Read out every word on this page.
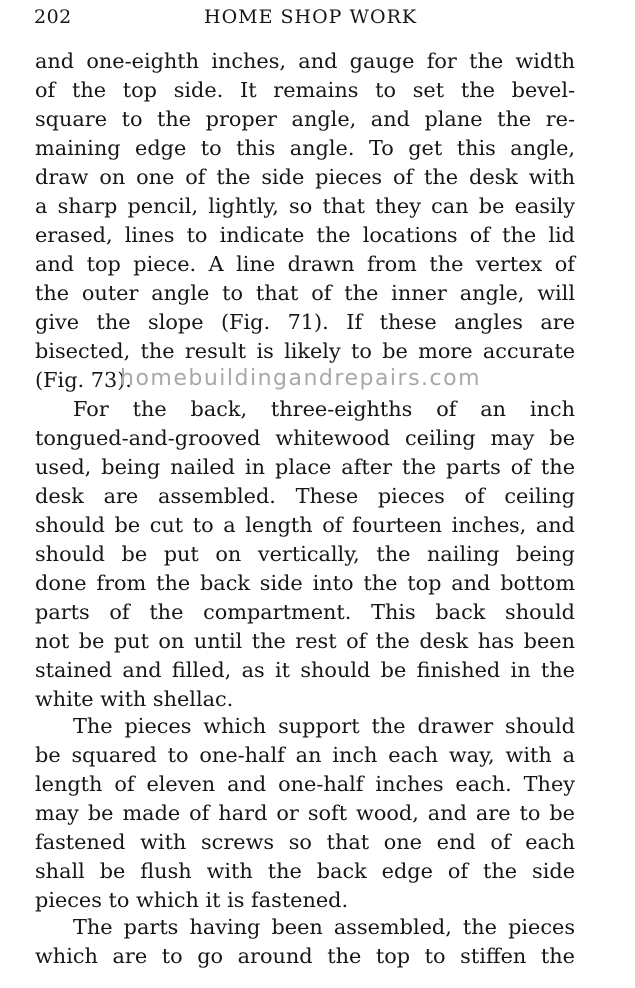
202	HOME SHOP WORK
and one-eighth inches, and gauge for the width
of the top side. It remains to set the bevel-
square to the proper angle, and plane the re-
maining edge to this angle. To get this angle,
draw on one of the side pieces of the desk with
a sharp pencil, lightly, so that they can be easily
erased, lines to indicate the locations of the lid
and top piece. A line drawn from the vertex of
the outer angle to that of the inner angle, will
give the slope (Fig. 71). If these angles are
bisected, the result is likely to be more accurate
(Fig. 73).
For the back, three-eighths of an inch
tongued-and-grooved whitewood ceiling may be
used, being nailed in place after the parts of the
desk are assembled. These pieces of ceiling
should be cut to a length of fourteen inches, and
should be put on vertically, the nailing being
done from the back side into the top and bottom
parts of the compartment. This back should
not be put on until the rest of the desk has been
stained and filled, as it should be finished in the
white with shellac.
The pieces which support the drawer should
be squared to one-half an inch each way, with a
length of eleven and one-half inches each. They
may be made of hard or soft wood, and are to be
fastened with screws so that one end of each
shall be flush with the back edge of the side
pieces to which it is fastened.
The parts having been assembled, the pieces
which are to go around the top to stiffen the
homebuildingandrepairs.com
